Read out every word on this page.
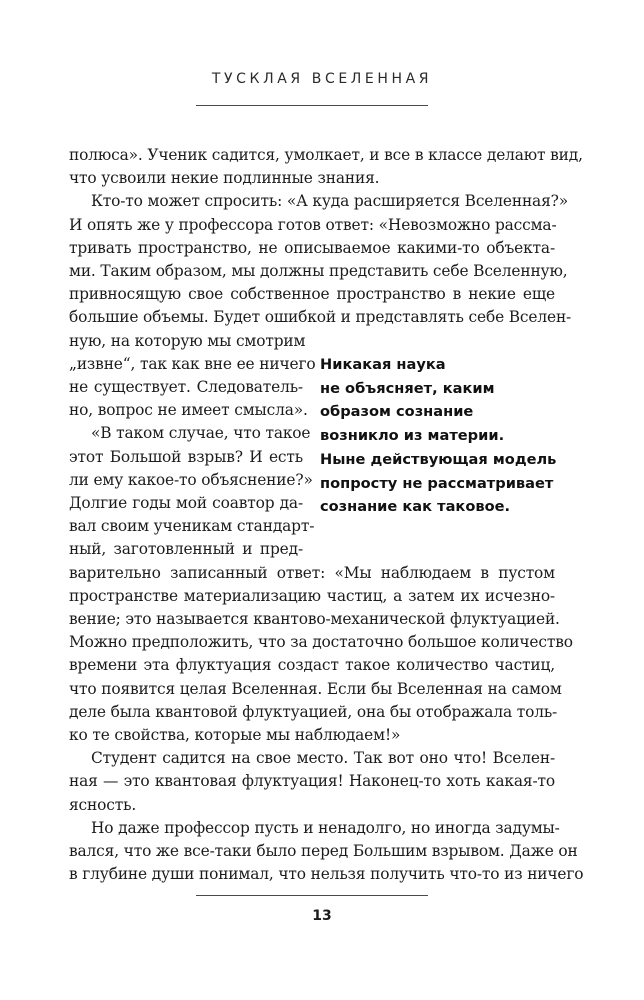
ТУСКЛАЯ ВСЕЛЕННАЯ
полюса». Ученик садится, умолкает, и все в классе делают вид,
что усвоили некие подлинные знания.
Кто-то может спросить: «А куда расширяется Вселенная?»
И опять же у профессора готов ответ: «Невозможно рассма-
тривать пространство, не описываемое какими-то объекта-
ми. Таким образом, мы должны представить себе Вселенную,
привносящую свое собственное пространство в некие еще
большие объемы. Будет ошибкой и представлять себе Вселен-
ную, на которую мы смотрим
„извне“, так как вне ее ничего
не существует. Следователь-
но, вопрос не имеет смысла».
«В таком случае, что такое
этот Большой взрыв? И есть
ли ему какое-то объяснение?»
Долгие годы мой соавтор да-
вал своим ученикам стандарт-
ный, заготовленный и пред-
варительно записанный ответ: «Мы наблюдаем в пустом
пространстве материализацию частиц, а затем их исчезно-
вение; это называется квантово-механической флуктуацией.
Можно предположить, что за достаточно большое количество
времени эта флуктуация создаст такое количество частиц,
что появится целая Вселенная. Если бы Вселенная на самом
деле была квантовой флуктуацией, она бы отображала толь-
ко те свойства, которые мы наблюдаем!»
Студент садится на свое место. Так вот оно что! Вселен-
ная — это квантовая флуктуация! Наконец-то хоть какая-то
ясность.
Но даже профессор пусть и ненадолго, но иногда задумы-
вался, что же все-таки было перед Большим взрывом. Даже он
Никакая наука
не объясняет, каким
образом сознание
возникло из материи.
Ныне действующая модель
попросту не рассматривает
сознание как таковое.
13
в глубине души понимал, что нельзя получить что-то из ничего
